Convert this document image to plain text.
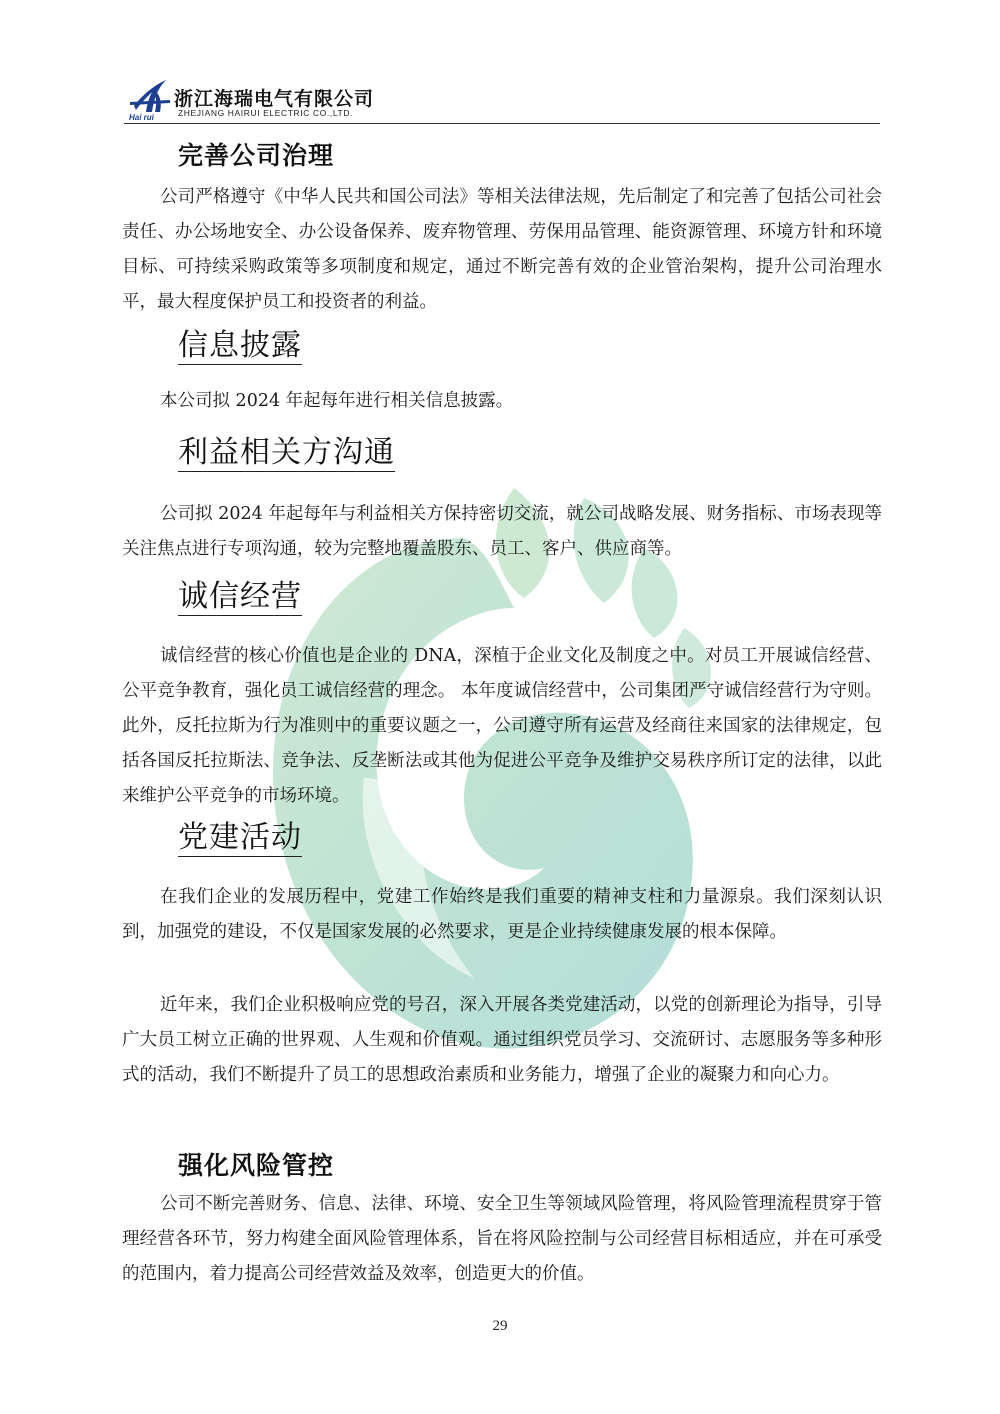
Hai rui
浙江海瑞电气有限公司
ZHEJIANG HAIRUI ELECTRIC CO.,LTD.
完善公司治理
公司严格遵守《中华人民共和国公司法》等相关法律法规，先后制定了和完善了包括公司社会责任、办公场地安全、办公设备保养、废弃物管理、劳保用品管理、能资源管理、环境方针和环境目标、可持续采购政策等多项制度和规定，通过不断完善有效的企业管治架构，提升公司治理水平，最大程度保护员工和投资者的利益。
信息披露
本公司拟 2024 年起每年进行相关信息披露。
利益相关方沟通
公司拟 2024 年起每年与利益相关方保持密切交流，就公司战略发展、财务指标、市场表现等关注焦点进行专项沟通，较为完整地覆盖股东、员工、客户、供应商等。
诚信经营
诚信经营的核心价值也是企业的 DNA，深植于企业文化及制度之中。对员工开展诚信经营、公平竞争教育，强化员工诚信经营的理念。 本年度诚信经营中，公司集团严守诚信经营行为守则。 此外，反托拉斯为行为准则中的重要议题之一，公司遵守所有运营及经商往来国家的法律规定，包括各国反托拉斯法、竞争法、反垄断法或其他为促进公平竞争及维护交易秩序所订定的法律，以此来维护公平竞争的市场环境。
党建活动
在我们企业的发展历程中，党建工作始终是我们重要的精神支柱和力量源泉。我们深刻认识到，加强党的建设，不仅是国家发展的必然要求，更是企业持续健康发展的根本保障。
近年来，我们企业积极响应党的号召，深入开展各类党建活动，以党的创新理论为指导，引导广大员工树立正确的世界观、人生观和价值观。通过组织党员学习、交流研讨、志愿服务等多种形式的活动，我们不断提升了员工的思想政治素质和业务能力，增强了企业的凝聚力和向心力。
强化风险管控
公司不断完善财务、信息、法律、环境、安全卫生等领域风险管理，将风险管理流程贯穿于管理经营各环节，努力构建全面风险管理体系，旨在将风险控制与公司经营目标相适应，并在可承受的范围内，着力提高公司经营效益及效率，创造更大的价值。
29
